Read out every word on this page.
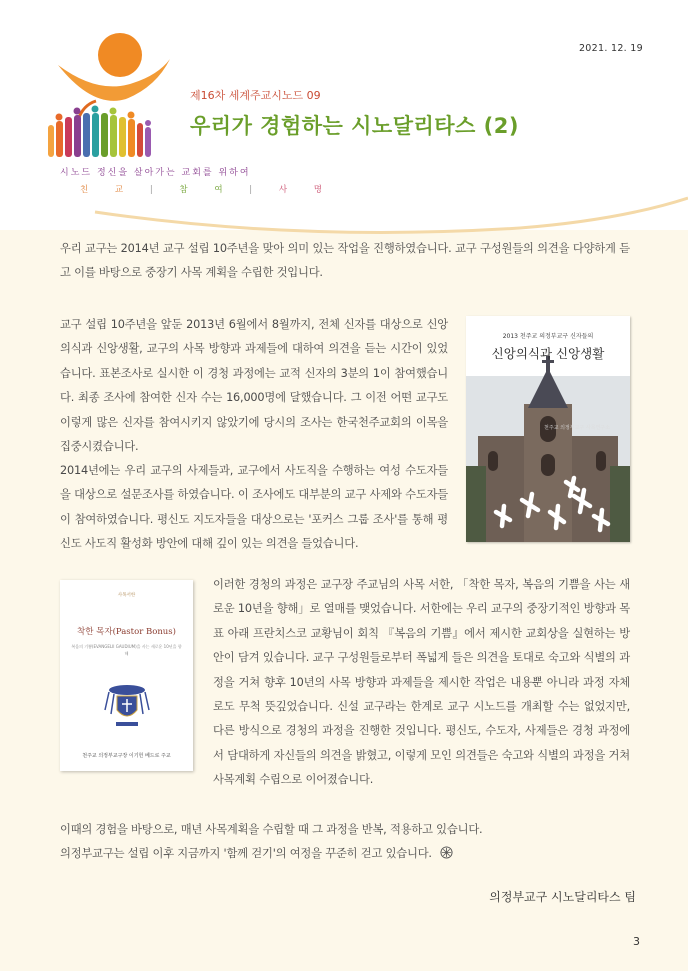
2021. 12. 19
제16차 세계주교시노드 09
우리가 경험하는 시노달리타스 (2)
시노드 정신을 살아가는 교회를 위하여
친 교 | 참 여 | 사 명

우리 교구는 2014년 교구 설립 10주년을 맞아 의미 있는 작업을 진행하였습니다. 교구 구성원들의 의견을 다양하게 듣고 이를 바탕으로 중장기 사목 계획을 수립한 것입니다.

교구 설립 10주년을 앞둔 2013년 6월에서 8월까지, 전체 신자를 대상으로 신앙의식과 신앙생활, 교구의 사목 방향과 과제들에 대하여 의견을 듣는 시간이 있었습니다. 표본조사로 실시한 이 경청 과정에는 교적 신자의 3분의 1이 참여했습니다. 최종 조사에 참여한 신자 수는 16,000명에 달했습니다. 그 이전 어떤 교구도 이렇게 많은 신자를 참여시키지 않았기에 당시의 조사는 한국천주교회의 이목을 집중시켰습니다.

2014년에는 우리 교구의 사제들과, 교구에서 사도직을 수행하는 여성 수도자들을 대상으로 설문조사를 하였습니다. 이 조사에도 대부분의 교구 사제와 수도자들이 참여하였습니다. 평신도 지도자들을 대상으로는 '포커스 그룹 조사'를 통해 평신도 사도직 활성화 방안에 대해 깊이 있는 의견을 들었습니다.

이러한 경청의 과정은 교구장 주교님의 사목 서한, 「착한 목자, 복음의 기쁨을 사는 새로운 10년을 향해」로 열매를 맺었습니다. 서한에는 우리 교구의 중장기적인 방향과 목표 아래 프란치스코 교황님이 회칙 『복음의 기쁨』에서 제시한 교회상을 실현하는 방안이 담겨 있습니다. 교구 구성원들로부터 폭넓게 들은 의견을 토대로 숙고와 식별의 과정을 거쳐 향후 10년의 사목 방향과 과제들을 제시한 작업은 내용뿐 아니라 과정 자체로도 무척 뜻깊었습니다. 신설 교구라는 한계로 교구 시노드를 개최할 수는 없었지만, 다른 방식으로 경청의 과정을 진행한 것입니다. 평신도, 수도자, 사제들은 경청 과정에서 담대하게 자신들의 의견을 밝혔고, 이렇게 모인 의견들은 숙고와 식별의 과정을 거쳐 사목계획 수립으로 이어졌습니다.

이때의 경험을 바탕으로, 매년 사목계획을 수립할 때 그 과정을 반복, 적용하고 있습니다.
의정부교구는 설립 이후 지금까지 '함께 걷기'의 여정을 꾸준히 걷고 있습니다.

2013 천주교 의정부교구 신자들의
신앙의식과 신앙생활
천주교 의정부교구 사목연구소
사목서한
착한 목자(Pastor Bonus)
복음의 기쁨(EVANGELII GAUDIUM)을 사는 새로운 10년을 향해
천주교 의정부교구장 이기헌 베드로 주교
의정부교구 시노달리타스 팀
3
